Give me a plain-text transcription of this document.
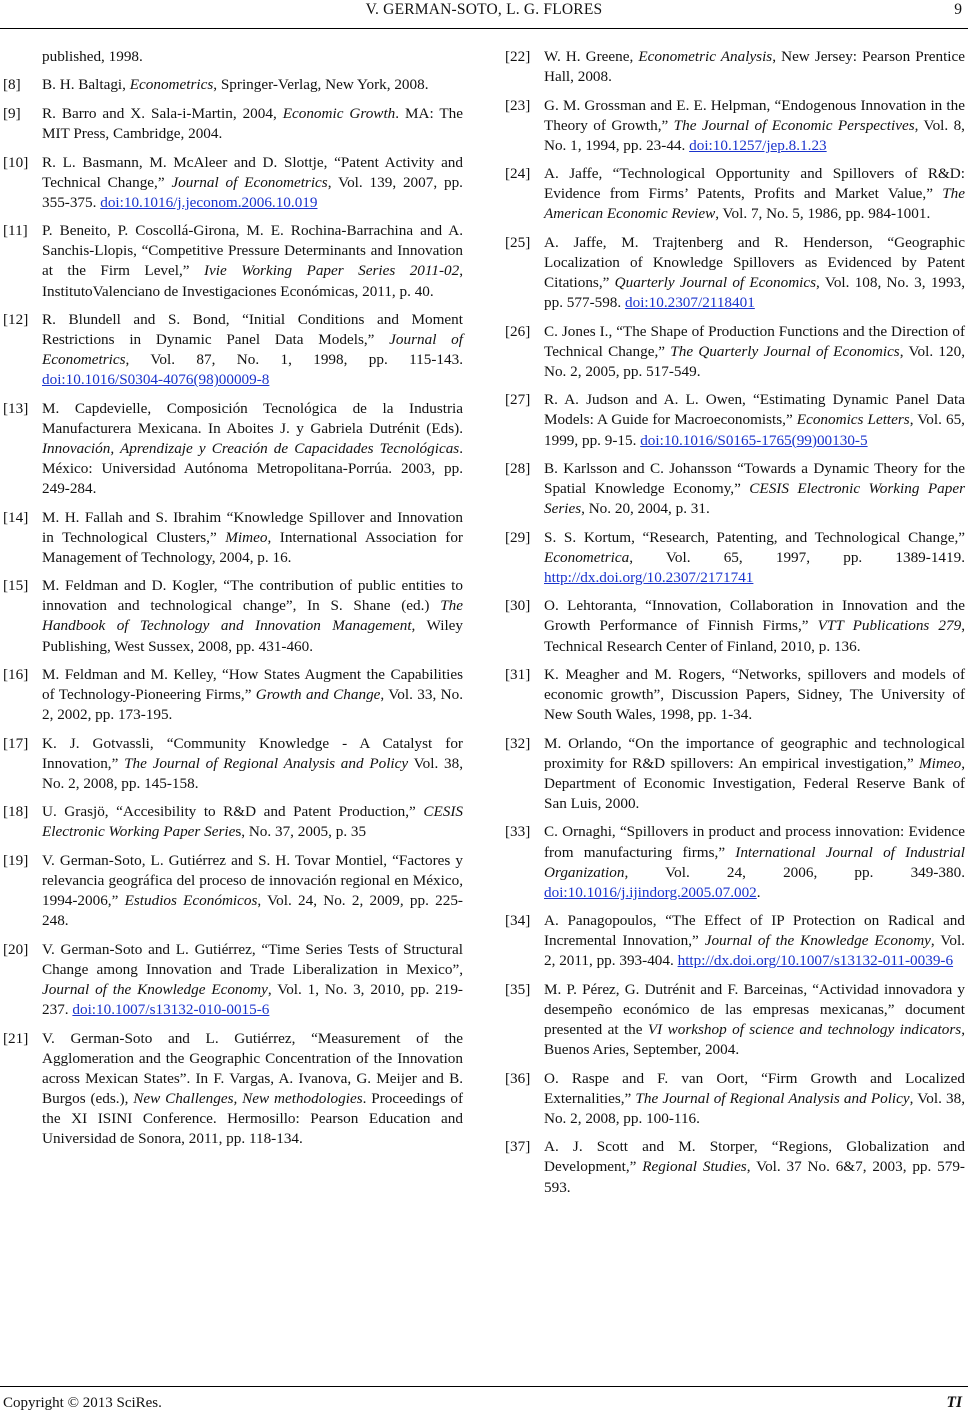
V. GERMAN-SOTO, L. G. FLORES	9
published, 1998.
[8] B. H. Baltagi, Econometrics, Springer-Verlag, New York, 2008.
[9] R. Barro and X. Sala-i-Martin, 2004, Economic Growth. MA: The MIT Press, Cambridge, 2004.
[10] R. L. Basmann, M. McAleer and D. Slottje, “Patent Activity and Technical Change,” Journal of Econometrics, Vol. 139, 2007, pp. 355-375. doi:10.1016/j.jeconom.2006.10.019
[11] P. Beneito, P. Coscollá-Girona, M. E. Rochina-Barrachina and A. Sanchis-Llopis, “Competitive Pressure Determinants and Innovation at the Firm Level,” Ivie Working Paper Series 2011-02, InstitutoValenciano de Investigaciones Económicas, 2011, p. 40.
[12] R. Blundell and S. Bond, “Initial Conditions and Moment Restrictions in Dynamic Panel Data Models,” Journal of Econometrics, Vol. 87, No. 1, 1998, pp. 115-143. doi:10.1016/S0304-4076(98)00009-8
[13] M. Capdevielle, Composición Tecnológica de la Industria Manufacturera Mexicana. In Aboites J. y Gabriela Dutrénit (Eds). Innovación, Aprendizaje y Creación de Capacidades Tecnológicas. México: Universidad Autónoma Metropolitana-Porrúa. 2003, pp. 249-284.
[14] M. H. Fallah and S. Ibrahim “Knowledge Spillover and Innovation in Technological Clusters,” Mimeo, International Association for Management of Technology, 2004, p. 16.
[15] M. Feldman and D. Kogler, “The contribution of public entities to innovation and technological change”, In S. Shane (ed.) The Handbook of Technology and Innovation Management, Wiley Publishing, West Sussex, 2008, pp. 431-460.
[16] M. Feldman and M. Kelley, “How States Augment the Capabilities of Technology-Pioneering Firms,” Growth and Change, Vol. 33, No. 2, 2002, pp. 173-195.
[17] K. J. Gotvassli, “Community Knowledge - A Catalyst for Innovation,” The Journal of Regional Analysis and Policy Vol. 38, No. 2, 2008, pp. 145-158.
[18] U. Grasjö, “Accesibility to R&D and Patent Production,” CESIS Electronic Working Paper Series, No. 37, 2005, p. 35
[19] V. German-Soto, L. Gutiérrez and S. H. Tovar Montiel, “Factores y relevancia geográfica del proceso de innovación regional en México, 1994-2006,” Estudios Económicos, Vol. 24, No. 2, 2009, pp. 225-248.
[20] V. German-Soto and L. Gutiérrez, “Time Series Tests of Structural Change among Innovation and Trade Liberalization in Mexico”, Journal of the Knowledge Economy, Vol. 1, No. 3, 2010, pp. 219-237. doi:10.1007/s13132-010-0015-6
[21] V. German-Soto and L. Gutiérrez, “Measurement of the Agglomeration and the Geographic Concentration of the Innovation across Mexican States”. In F. Vargas, A. Ivanova, G. Meijer and B. Burgos (eds.), New Challenges, New methodologies. Proceedings of the XI ISINI Conference. Hermosillo: Pearson Education and Universidad de Sonora, 2011, pp. 118-134.
[22] W. H. Greene, Econometric Analysis, New Jersey: Pearson Prentice Hall, 2008.
[23] G. M. Grossman and E. E. Helpman, “Endogenous Innovation in the Theory of Growth,” The Journal of Economic Perspectives, Vol. 8, No. 1, 1994, pp. 23-44. doi:10.1257/jep.8.1.23
[24] A. Jaffe, “Technological Opportunity and Spillovers of R&D: Evidence from Firms’ Patents, Profits and Market Value,” The American Economic Review, Vol. 7, No. 5, 1986, pp. 984-1001.
[25] A. Jaffe, M. Trajtenberg and R. Henderson, “Geographic Localization of Knowledge Spillovers as Evidenced by Patent Citations,” Quarterly Journal of Economics, Vol. 108, No. 3, 1993, pp. 577-598. doi:10.2307/2118401
[26] C. Jones I., “The Shape of Production Functions and the Direction of Technical Change,” The Quarterly Journal of Economics, Vol. 120, No. 2, 2005, pp. 517-549.
[27] R. A. Judson and A. L. Owen, “Estimating Dynamic Panel Data Models: A Guide for Macroeconomists,” Economics Letters, Vol. 65, 1999, pp. 9-15. doi:10.1016/S0165-1765(99)00130-5
[28] B. Karlsson and C. Johansson “Towards a Dynamic Theory for the Spatial Knowledge Economy,” CESIS Electronic Working Paper Series, No. 20, 2004, p. 31.
[29] S. S. Kortum, “Research, Patenting, and Technological Change,” Econometrica, Vol. 65, 1997, pp. 1389-1419. http://dx.doi.org/10.2307/2171741
[30] O. Lehtoranta, “Innovation, Collaboration in Innovation and the Growth Performance of Finnish Firms,” VTT Publications 279, Technical Research Center of Finland, 2010, p. 136.
[31] K. Meagher and M. Rogers, “Networks, spillovers and models of economic growth”, Discussion Papers, Sidney, The University of New South Wales, 1998, pp. 1-34.
[32] M. Orlando, “On the importance of geographic and technological proximity for R&D spillovers: An empirical investigation,” Mimeo, Department of Economic Investigation, Federal Reserve Bank of San Luis, 2000.
[33] C. Ornaghi, “Spillovers in product and process innovation: Evidence from manufacturing firms,” International Journal of Industrial Organization, Vol. 24, 2006, pp. 349-380. doi:10.1016/j.ijindorg.2005.07.002.
[34] A. Panagopoulos, “The Effect of IP Protection on Radical and Incremental Innovation,” Journal of the Knowledge Economy, Vol. 2, 2011, pp. 393-404. http://dx.doi.org/10.1007/s13132-011-0039-6
[35] M. P. Pérez, G. Dutrénit and F. Barceinas, “Actividad innovadora y desempeño económico de las empresas mexicanas,” document presented at the VI workshop of science and technology indicators, Buenos Aries, September, 2004.
[36] O. Raspe and F. van Oort, “Firm Growth and Localized Externalities,” The Journal of Regional Analysis and Policy, Vol. 38, No. 2, 2008, pp. 100-116.
[37] A. J. Scott and M. Storper, “Regions, Globalization and Development,” Regional Studies, Vol. 37 No. 6&7, 2003, pp. 579-593.
Copyright © 2013 SciRes.	TI
